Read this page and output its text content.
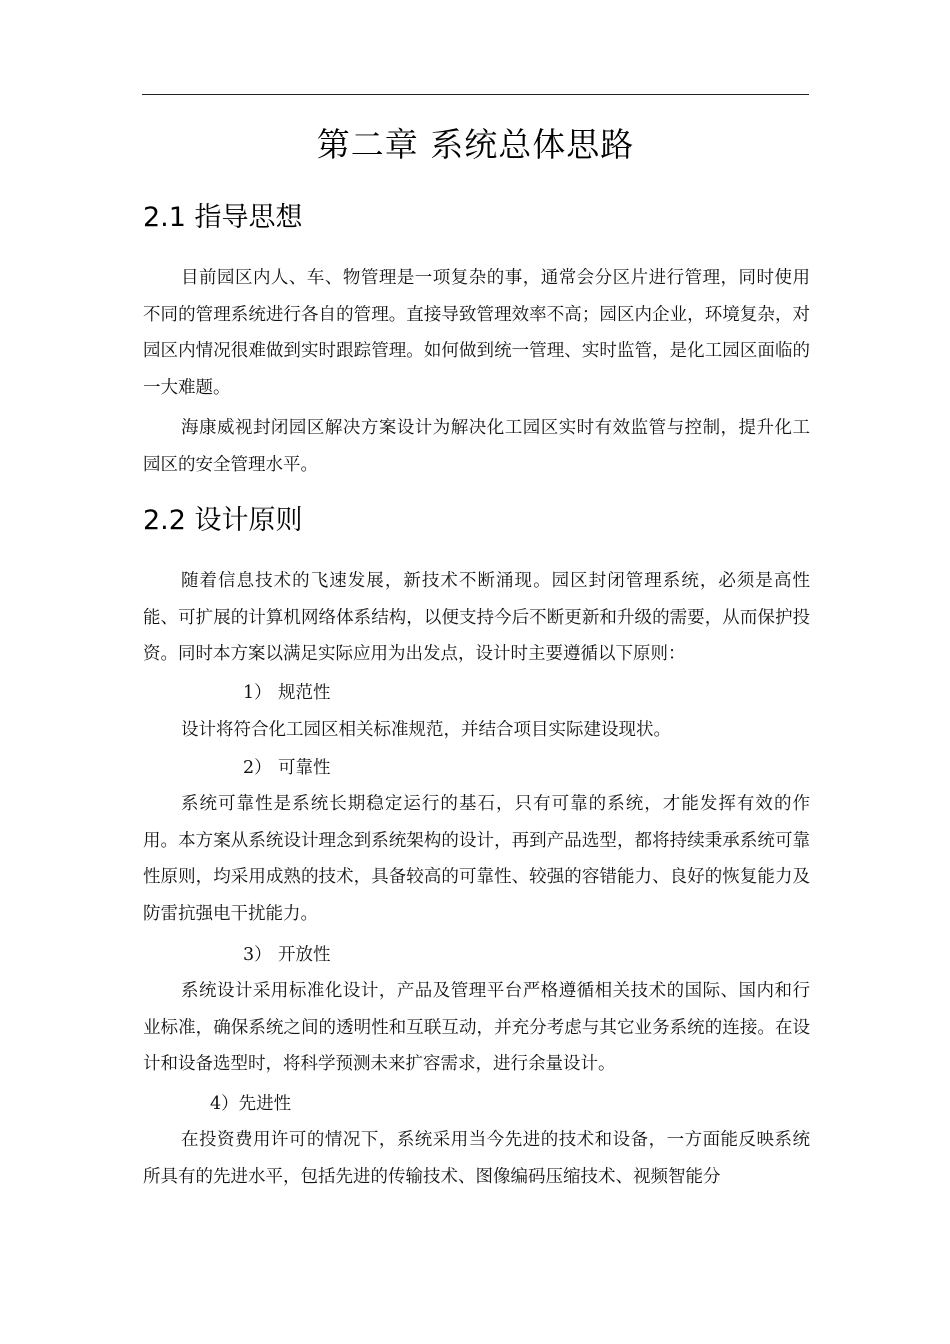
第二章 系统总体思路
2.1 指导思想

目前园区内人、车、物管理是一项复杂的事，通常会分区片进行管理，同时使用不同的管理系统进行各自的管理。直接导致管理效率不高；园区内企业，环境复杂，对园区内情况很难做到实时跟踪管理。如何做到统一管理、实时监管，是化工园区面临的一大难题。

海康威视封闭园区解决方案设计为解决化工园区实时有效监管与控制，提升化工园区的安全管理水平。

2.2 设计原则

随着信息技术的飞速发展，新技术不断涌现。园区封闭管理系统，必须是高性能、可扩展的计算机网络体系结构，以便支持今后不断更新和升级的需要，从而保护投资。同时本方案以满足实际应用为出发点，设计时主要遵循以下原则：

1） 规范性

设计将符合化工园区相关标准规范，并结合项目实际建设现状。

2） 可靠性

系统可靠性是系统长期稳定运行的基石，只有可靠的系统，才能发挥有效的作用。本方案从系统设计理念到系统架构的设计，再到产品选型，都将持续秉承系统可靠性原则，均采用成熟的技术，具备较高的可靠性、较强的容错能力、良好的恢复能力及防雷抗强电干扰能力。

3） 开放性

系统设计采用标准化设计，产品及管理平台严格遵循相关技术的国际、国内和行业标准，确保系统之间的透明性和互联互动，并充分考虑与其它业务系统的连接。在设计和设备选型时，将科学预测未来扩容需求，进行余量设计。

4）先进性

在投资费用许可的情况下，系统采用当今先进的技术和设备，一方面能反映系统所具有的先进水平，包括先进的传输技术、图像编码压缩技术、视频智能分
